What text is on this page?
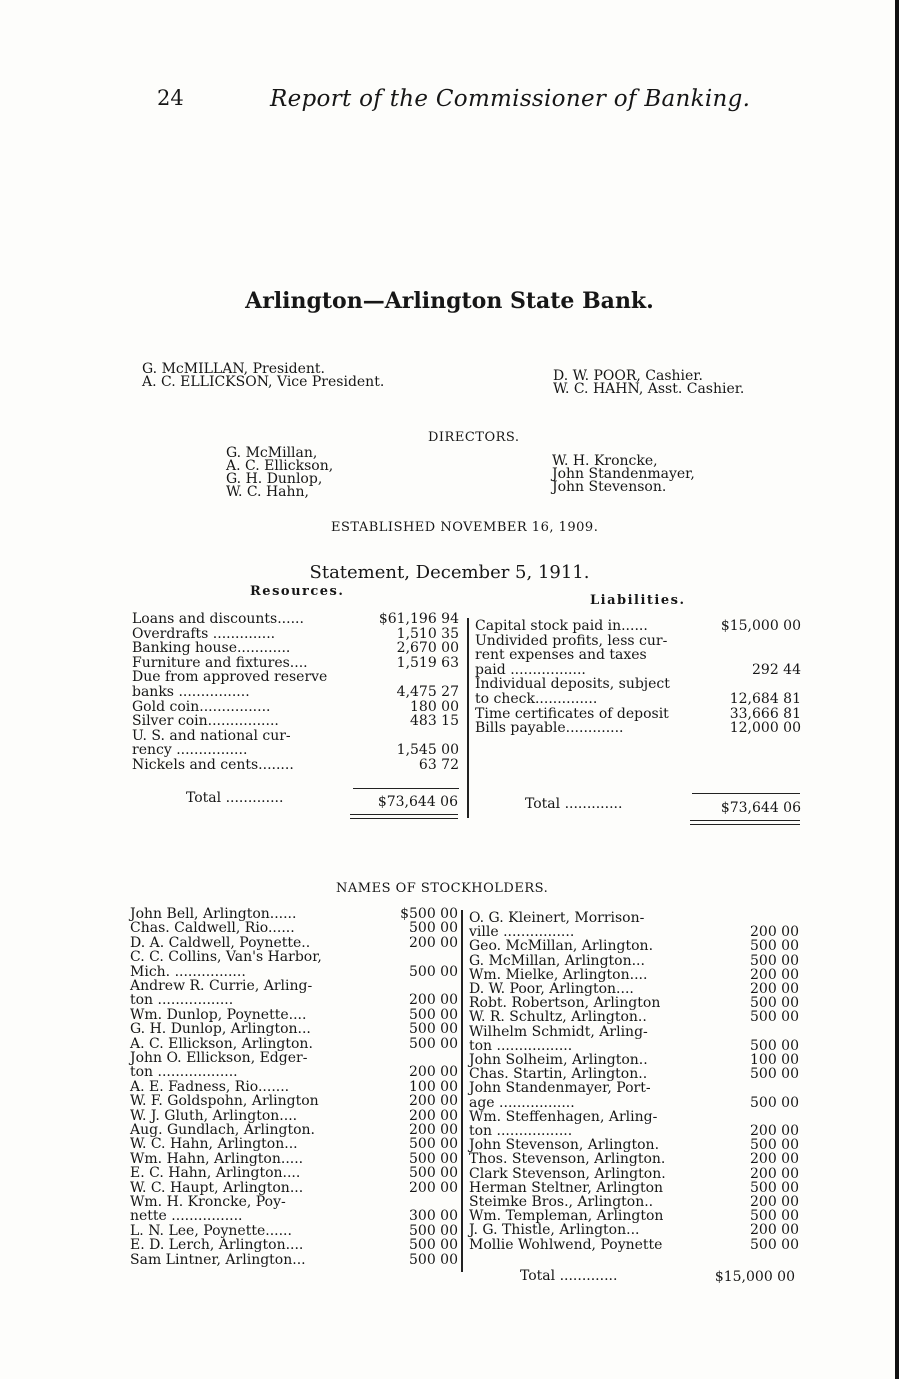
24	Report of the Commissioner of Banking.
Arlington—Arlington State Bank.
G. McMILLAN, President.
A. C. ELLICKSON, Vice President.	D. W. POOR, Cashier.
W. C. HAHN, Asst. Cashier.
DIRECTORS.
G. McMillan,
A. C. Ellickson,
G. H. Dunlop,
W. C. Hahn,
W. H. Kroncke,
John Standenmayer,
John Stevenson.
ESTABLISHED NOVEMBER 16, 1909.
Statement, December 5, 1911.
Resources.
Liabilities.
Loans and discounts......	$61,196 94
Overdrafts ..............	1,510 35
Banking house............	2,670 00
Furniture and fixtures....	1,519 63
Due from approved reserve
banks ................	4,475 27
Gold coin................	180 00
Silver coin................	483 15
U. S. and national cur-
rency ................	1,545 00
Nickels and cents........	63 72
Capital stock paid in......	$15,000 00
Undivided profits, less cur-
rent expenses and taxes
paid .................	292 44
Individual deposits, subject
to check..............	12,684 81
Time certificates of deposit	33,666 81
Bills payable.............	12,000 00
Total .............	$73,644 06	Total .............	$73,644 06
NAMES OF STOCKHOLDERS.
John Bell, Arlington......	$500 00
Chas. Caldwell, Rio......	500 00
D. A. Caldwell, Poynette..	200 00
C. C. Collins, Van's Harbor,
Mich. ................	500 00
Andrew R. Currie, Arling-
ton .................	200 00
Wm. Dunlop, Poynette....	500 00
G. H. Dunlop, Arlington...	500 00
A. C. Ellickson, Arlington.	500 00
John O. Ellickson, Edger-
ton ..................	200 00
A. E. Fadness, Rio.......	100 00
W. F. Goldspohn, Arlington	200 00
W. J. Gluth, Arlington....	200 00
Aug. Gundlach, Arlington.	200 00
W. C. Hahn, Arlington...	500 00
Wm. Hahn, Arlington.....	500 00
E. C. Hahn, Arlington....	500 00
W. C. Haupt, Arlington...	200 00
Wm. H. Kroncke, Poy-
nette ................	300 00
L. N. Lee, Poynette......	500 00
E. D. Lerch, Arlington....	500 00
Sam Lintner, Arlington...	500 00
O. G. Kleinert, Morrison-
ville ................	200 00
Geo. McMillan, Arlington.	500 00
G. McMillan, Arlington...	500 00
Wm. Mielke, Arlington....	200 00
D. W. Poor, Arlington....	200 00
Robt. Robertson, Arlington	500 00
W. R. Schultz, Arlington..	500 00
Wilhelm Schmidt, Arling-
ton .................	500 00
John Solheim, Arlington..	100 00
Chas. Startin, Arlington..	500 00
John Standenmayer, Port-
age .................	500 00
Wm. Steffenhagen, Arling-
ton .................	200 00
John Stevenson, Arlington.	500 00
Thos. Stevenson, Arlington.	200 00
Clark Stevenson, Arlington.	200 00
Herman Steltner, Arlington	500 00
Steimke Bros., Arlington..	200 00
Wm. Templeman, Arlington	500 00
J. G. Thistle, Arlington...	200 00
Mollie Wohlwend, Poynette	500 00
Total .............	$15,000 00
